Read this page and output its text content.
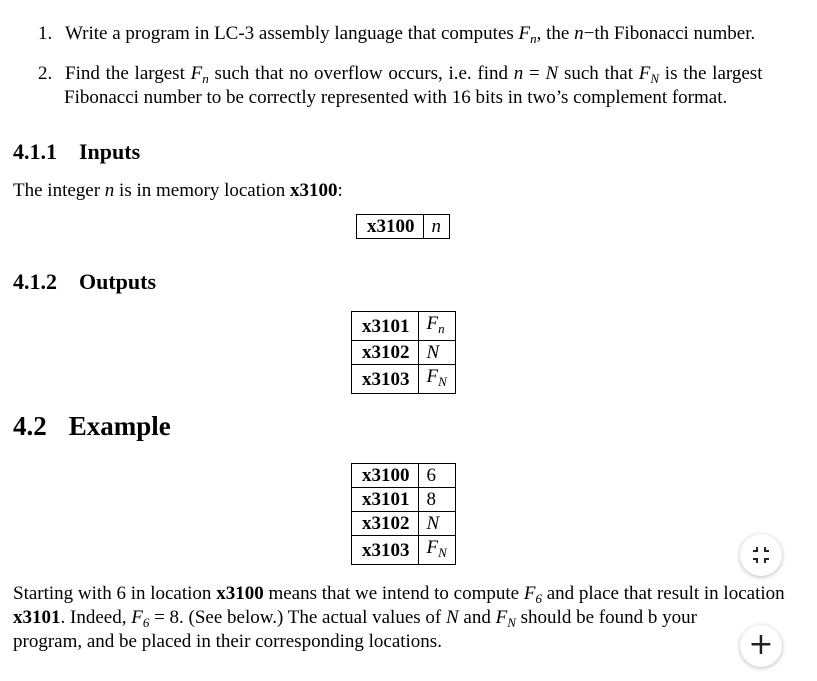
1. Write a program in LC-3 assembly language that computes $F_n$, the n−th Fibonacci number.
2. Find the largest $F_n$ such that no overflow occurs, i.e. find n = N such that $F_N$ is the largest
Fibonacci number to be correctly represented with 16 bits in two’s complement format.
4.1.1 Inputs
The integer n is in memory location x3100:
x3100	n
4.1.2 Outputs
x3101	$F_n$
x3102	N
x3103	$F_N$
4.2 Example
x3100	6
x3101	8
x3102	N
x3103	$F_N$
Starting with 6 in location x3100 means that we intend to compute $F_6$ and place that result in location
x3101. Indeed, $F_6 = 8$. (See below.) The actual values of N and $F_N$ should be found b your
program, and be placed in their corresponding locations.	+
